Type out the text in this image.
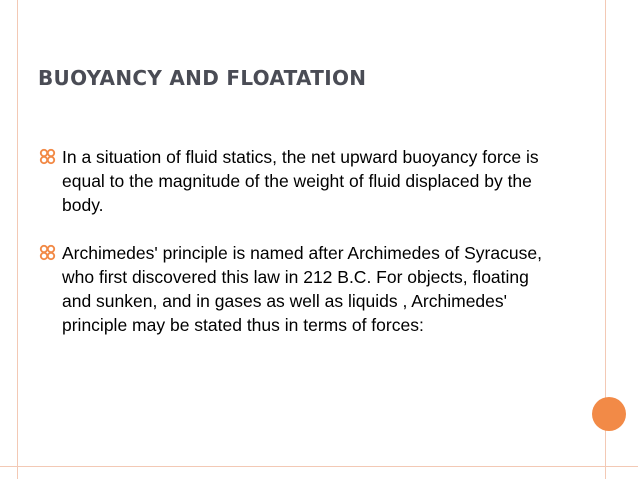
BUOYANCY AND FLOATATION
In a situation of fluid statics, the net upward buoyancy force is equal to the magnitude of the weight of fluid displaced by the body.
Archimedes' principle is named after Archimedes of Syracuse, who first discovered this law in 212 B.C. For objects, floating and sunken, and in gases as well as liquids , Archimedes' principle may be stated thus in terms of forces:
